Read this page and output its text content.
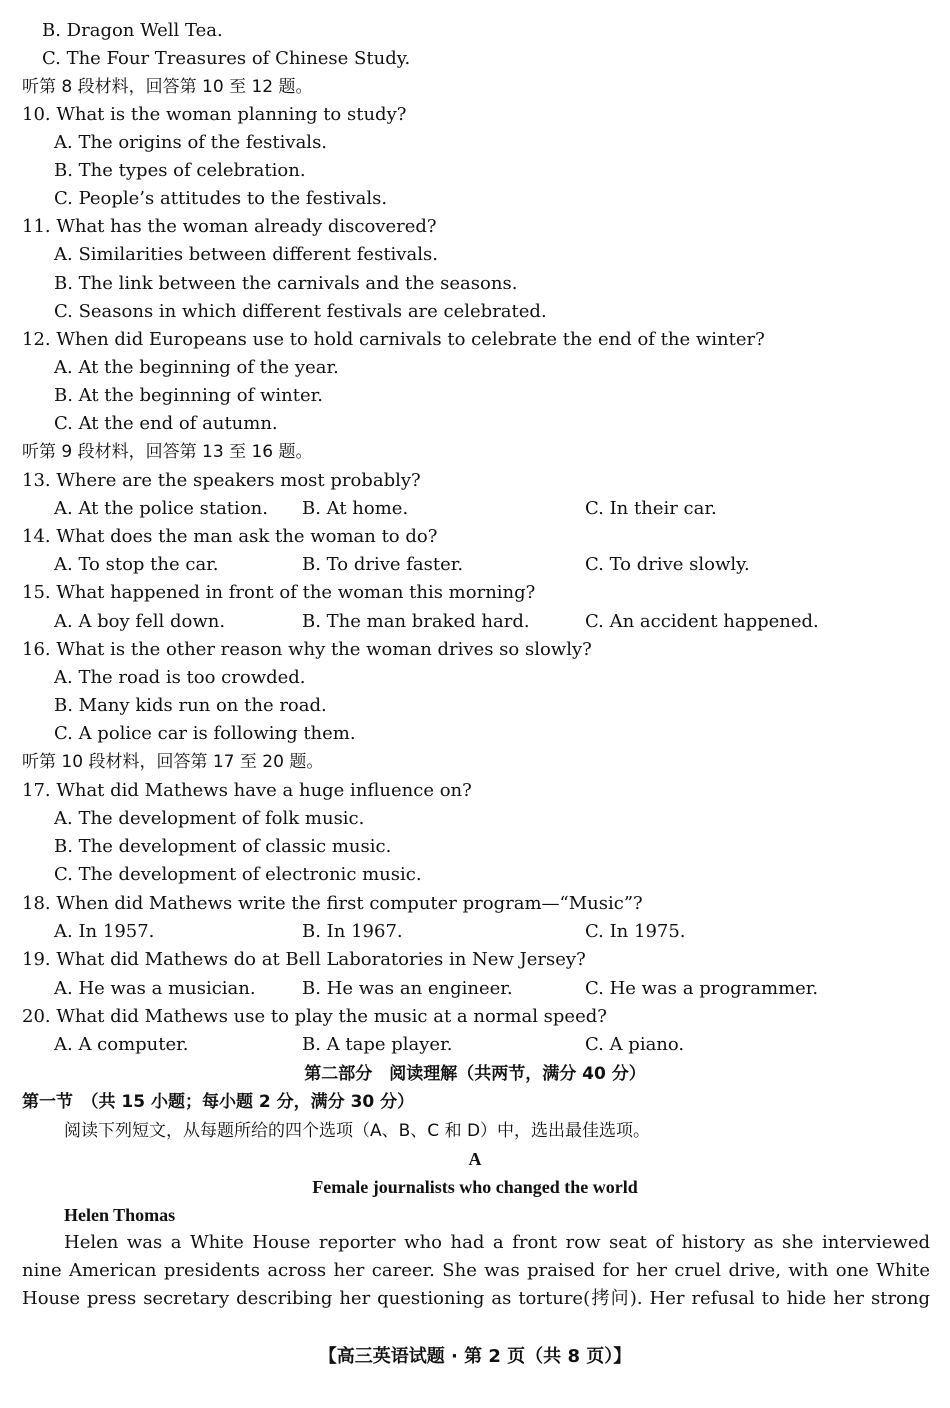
B. Dragon Well Tea.
C. The Four Treasures of Chinese Study.
听第 8 段材料，回答第 10 至 12 题。
10. What is the woman planning to study?
A. The origins of the festivals.
B. The types of celebration.
C. People’s attitudes to the festivals.
11. What has the woman already discovered?
A. Similarities between different festivals.
B. The link between the carnivals and the seasons.
C. Seasons in which different festivals are celebrated.
12. When did Europeans use to hold carnivals to celebrate the end of the winter?
A. At the beginning of the year.
B. At the beginning of winter.
C. At the end of autumn.
听第 9 段材料，回答第 13 至 16 题。
13. Where are the speakers most probably?
A. At the police station. B. At home.	C. In their car.
14. What does the man ask the woman to do?
A. To stop the car.	B. To drive faster.	C. To drive slowly.
15. What happened in front of the woman this morning?
A. A boy fell down.	B. The man braked hard.	C. An accident happened.
16. What is the other reason why the woman drives so slowly?
A. The road is too crowded.
B. Many kids run on the road.
C. A police car is following them.
听第 10 段材料，回答第 17 至 20 题。
17. What did Mathews have a huge influence on?
A. The development of folk music.
B. The development of classic music.
C. The development of electronic music.
18. When did Mathews write the first computer program—“Music”?
A. In 1957.	B. In 1967.	C. In 1975.
19. What did Mathews do at Bell Laboratories in New Jersey?
A. He was a musician.	B. He was an engineer.	C. He was a programmer.
20. What did Mathews use to play the music at a normal speed?
A. A computer.	B. A tape player.	C. A piano.
第二部分　阅读理解（共两节，满分 40 分）
第一节　（共 15 小题；每小题 2 分，满分 30 分）
阅读下列短文，从每题所给的四个选项（A、B、C 和 D）中，选出最佳选项。
A
Female journalists who changed the world
Helen Thomas
Helen was a White House reporter who had a front row seat of history as she interviewed nine American presidents across her career. She was praised for her cruel drive, with one White House press secretary describing her questioning as torture(拷问). Her refusal to hide her strong
【高三英语试题 · 第 2 页（共 8 页）】
